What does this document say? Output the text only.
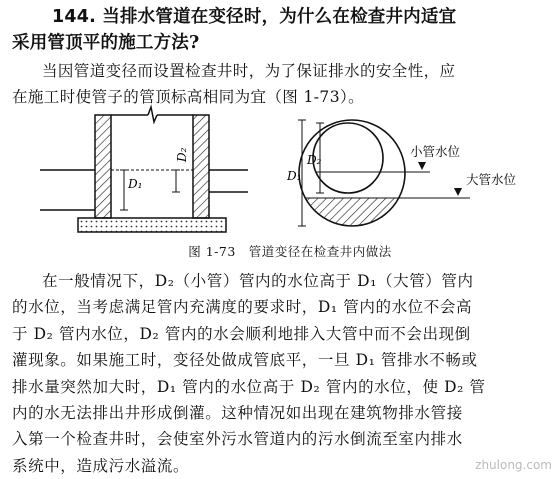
144. 当排水管道在变径时，为什么在检查井内适宜
采用管顶平的施工方法?

当因管道变径而设置检查井时，为了保证排水的安全性，应
在施工时使管子的管顶标高相同为宜（图 1-73）。

D₁
D₂
D₁
D₂
小管水位
大管水位

图 1-73　管道变径在检查井内做法

在一般情况下，D₂（小管）管内的水位高于 D₁（大管）管内
的水位，当考虑满足管内充满度的要求时，D₁ 管内的水位不会高
于 D₂ 管内水位，D₂ 管内的水会顺利地排入大管中而不会出现倒
灌现象。如果施工时，变径处做成管底平，一旦 D₁ 管排水不畅或
排水量突然加大时，D₁ 管内的水位高于 D₂ 管内的水位，使 D₂ 管
内的水无法排出井形成倒灌。这种情况如出现在建筑物排水管接
入第一个检查井时，会使室外污水管道内的污水倒流至室内排水
系统中，造成污水溢流。	zhulong.com
